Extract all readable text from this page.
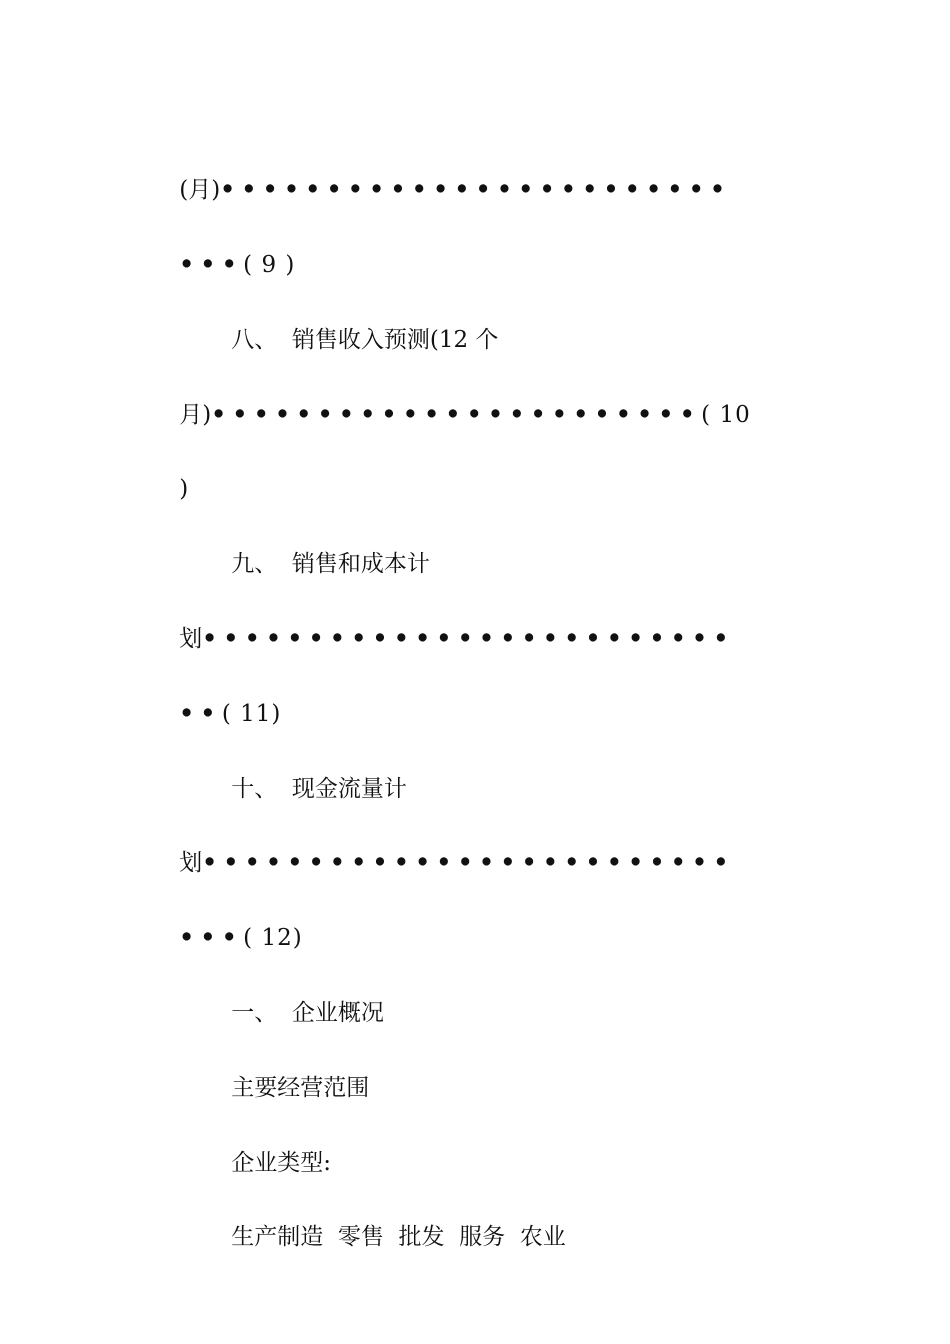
(月)••••••••••••••••••••••••

•••( 9 )

八、  销售收入预测(12 个

月)•••••••••••••••••••••••( 10

)

九、  销售和成本计

划•••••••••••••••••••••••••

••( 11)

十、  现金流量计

划•••••••••••••••••••••••••

•••( 12)

一、  企业概况

主要经营范围

企业类型:

生产制造  零售  批发  服务  农业
